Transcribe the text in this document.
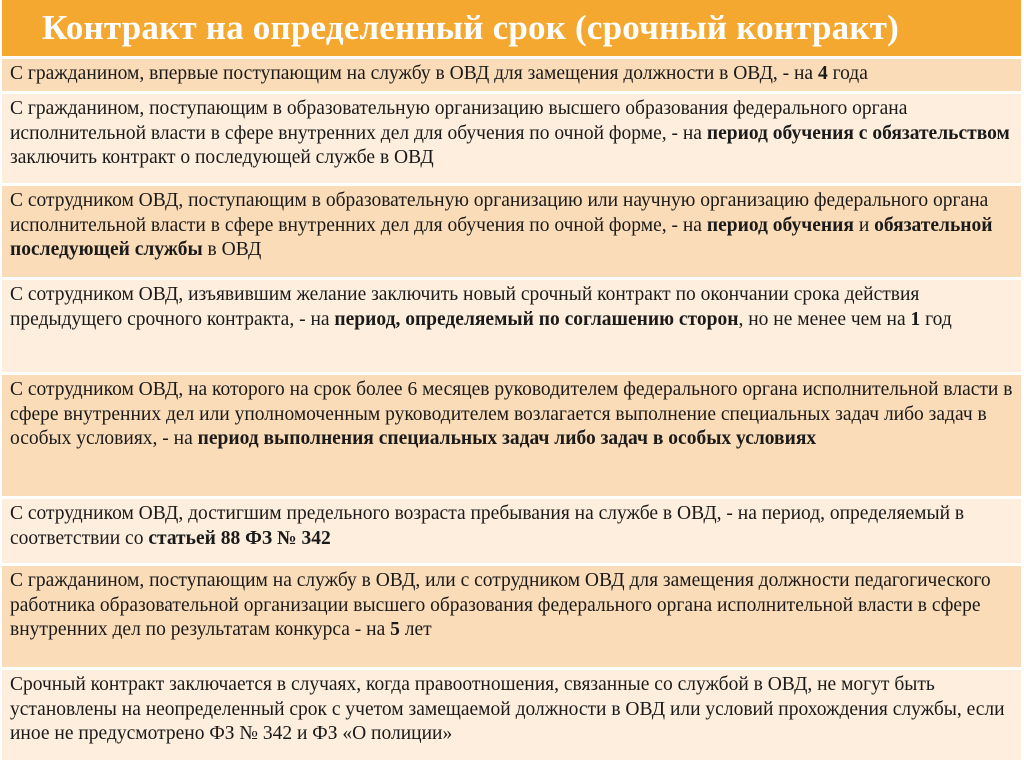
Контракт на определенный срок (срочный контракт)
С гражданином, впервые поступающим на службу в ОВД для замещения должности в ОВД, - на 4 года
С гражданином, поступающим в образовательную организацию высшего образования федерального органа исполнительной власти в сфере внутренних дел для обучения по очной форме, - на период обучения с обязательством заключить контракт о последующей службе в ОВД
С сотрудником ОВД, поступающим в образовательную организацию или научную организацию федерального органа исполнительной власти в сфере внутренних дел для обучения по очной форме, - на период обучения и обязательной последующей службы в ОВД
С сотрудником ОВД, изъявившим желание заключить новый срочный контракт по окончании срока действия предыдущего срочного контракта, - на период, определяемый по соглашению сторон, но не менее чем на 1 год
С сотрудником ОВД, на которого на срок более 6 месяцев руководителем федерального органа исполнительной власти в сфере внутренних дел или уполномоченным руководителем возлагается выполнение специальных задач либо задач в особых условиях, - на период выполнения специальных задач либо задач в особых условиях
С сотрудником ОВД, достигшим предельного возраста пребывания на службе в ОВД, - на период, определяемый в соответствии со статьей 88 ФЗ № 342
С гражданином, поступающим на службу в ОВД, или с сотрудником ОВД для замещения должности педагогического работника образовательной организации высшего образования федерального органа исполнительной власти в сфере внутренних дел по результатам конкурса - на 5 лет
Срочный контракт заключается в случаях, когда правоотношения, связанные со службой в ОВД, не могут быть установлены на неопределенный срок с учетом замещаемой должности в ОВД или условий прохождения службы, если иное не предусмотрено ФЗ № 342 и ФЗ «О полиции»
